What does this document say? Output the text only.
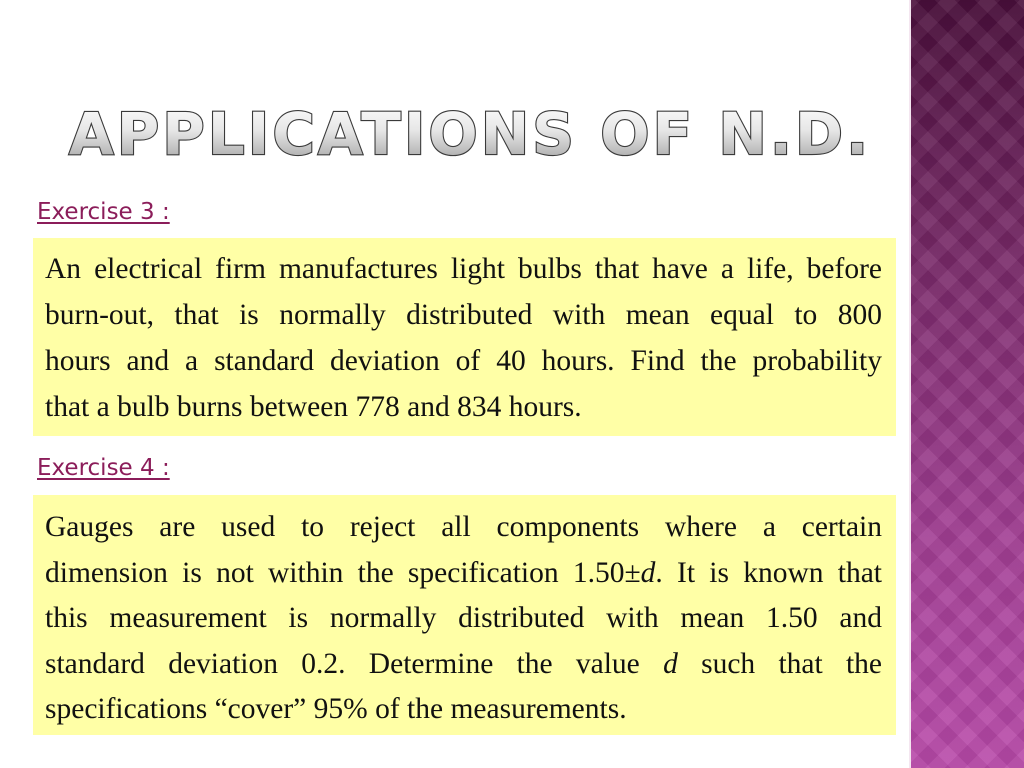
APPLICATIONS OF N.D.
Exercise 3 :
An electrical firm manufactures light bulbs that have a life, before
burn-out, that is normally distributed with mean equal to 800
hours and a standard deviation of 40 hours. Find the probability
that a bulb burns between 778 and 834 hours.
Exercise 4 :
Gauges are used to reject all components where a certain
dimension is not within the specification 1.50±d. It is known that
this measurement is normally distributed with mean 1.50 and
standard deviation 0.2. Determine the value d such that the
specifications “cover” 95% of the measurements.
